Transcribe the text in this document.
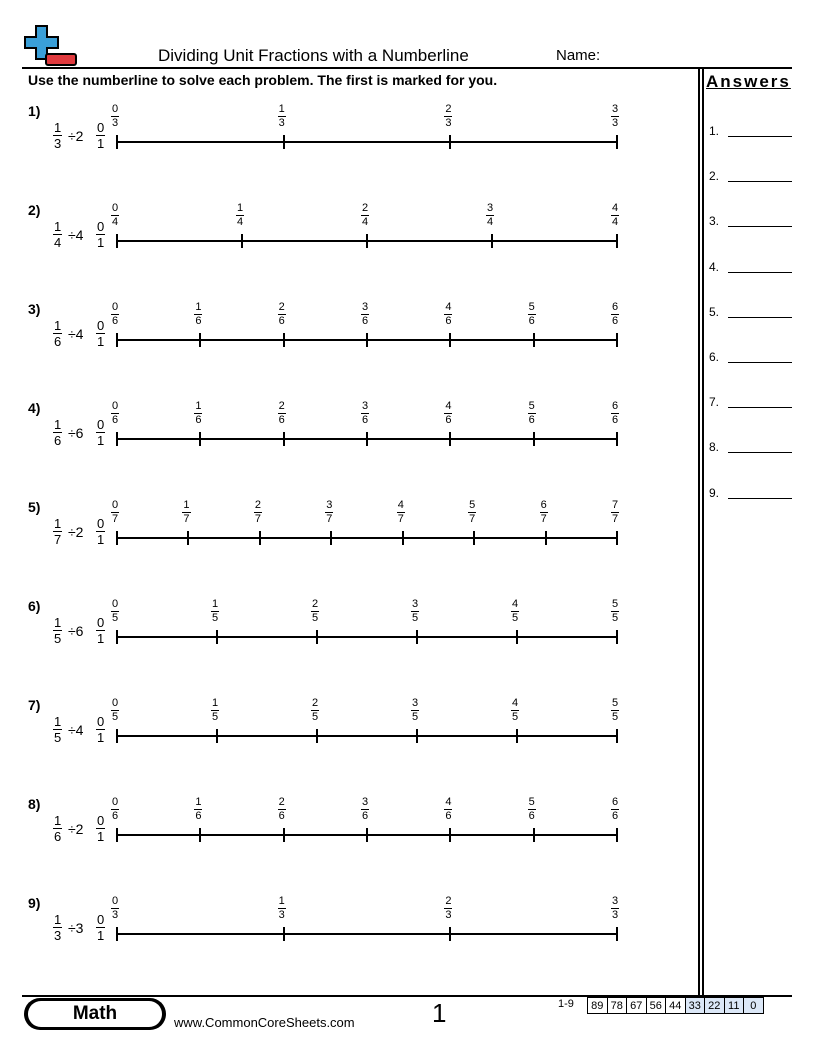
Dividing Unit Fractions with a Numberline	Name:
Use the numberline to solve each problem. The first is marked for you.	Answers
1.
2.
3.
4.
5.
6.
7.
8.
9.
1)
$\frac{1}{3} \div 2 \frac{0}{1}$
$\frac{0}{3}$	$\frac{1}{3}$	$\frac{2}{3}$	$\frac{3}{3}$
2)
$\frac{1}{4} \div 4 \frac{0}{1}$
$\frac{0}{4}$	$\frac{1}{4}$	$\frac{2}{4}$	$\frac{3}{4}$	$\frac{4}{4}$
3)
$\frac{1}{6} \div 4 \frac{0}{1}$
$\frac{0}{6}$	$\frac{1}{6}$	$\frac{2}{6}$	$\frac{3}{6}$	$\frac{4}{6}$	$\frac{5}{6}$	$\frac{6}{6}$
4)
$\frac{1}{6} \div 6 \frac{0}{1}$
$\frac{0}{6}$	$\frac{1}{6}$	$\frac{2}{6}$	$\frac{3}{6}$	$\frac{4}{6}$	$\frac{5}{6}$	$\frac{6}{6}$
5)
$\frac{1}{7} \div 2 \frac{0}{1}$
$\frac{0}{7}$	$\frac{1}{7}$	$\frac{2}{7}$	$\frac{3}{7}$	$\frac{4}{7}$	$\frac{5}{7}$	$\frac{6}{7}$	$\frac{7}{7}$
6)
$\frac{1}{5} \div 6 \frac{0}{1}$
$\frac{0}{5}$	$\frac{1}{5}$	$\frac{2}{5}$	$\frac{3}{5}$	$\frac{4}{5}$	$\frac{5}{5}$
7)
$\frac{1}{5} \div 4 \frac{0}{1}$
$\frac{0}{5}$	$\frac{1}{5}$	$\frac{2}{5}$	$\frac{3}{5}$	$\frac{4}{5}$	$\frac{5}{5}$
8)
$\frac{1}{6} \div 2 \frac{0}{1}$
$\frac{0}{6}$	$\frac{1}{6}$	$\frac{2}{6}$	$\frac{3}{6}$	$\frac{4}{6}$	$\frac{5}{6}$	$\frac{6}{6}$
9)
$\frac{1}{3} \div 3 \frac{0}{1}$
$\frac{0}{3}$	$\frac{1}{3}$	$\frac{2}{3}$	$\frac{3}{3}$
Math	www.CommonCoreSheets.com	1	1-9	89 78 67 56 44 33 22 11 0
